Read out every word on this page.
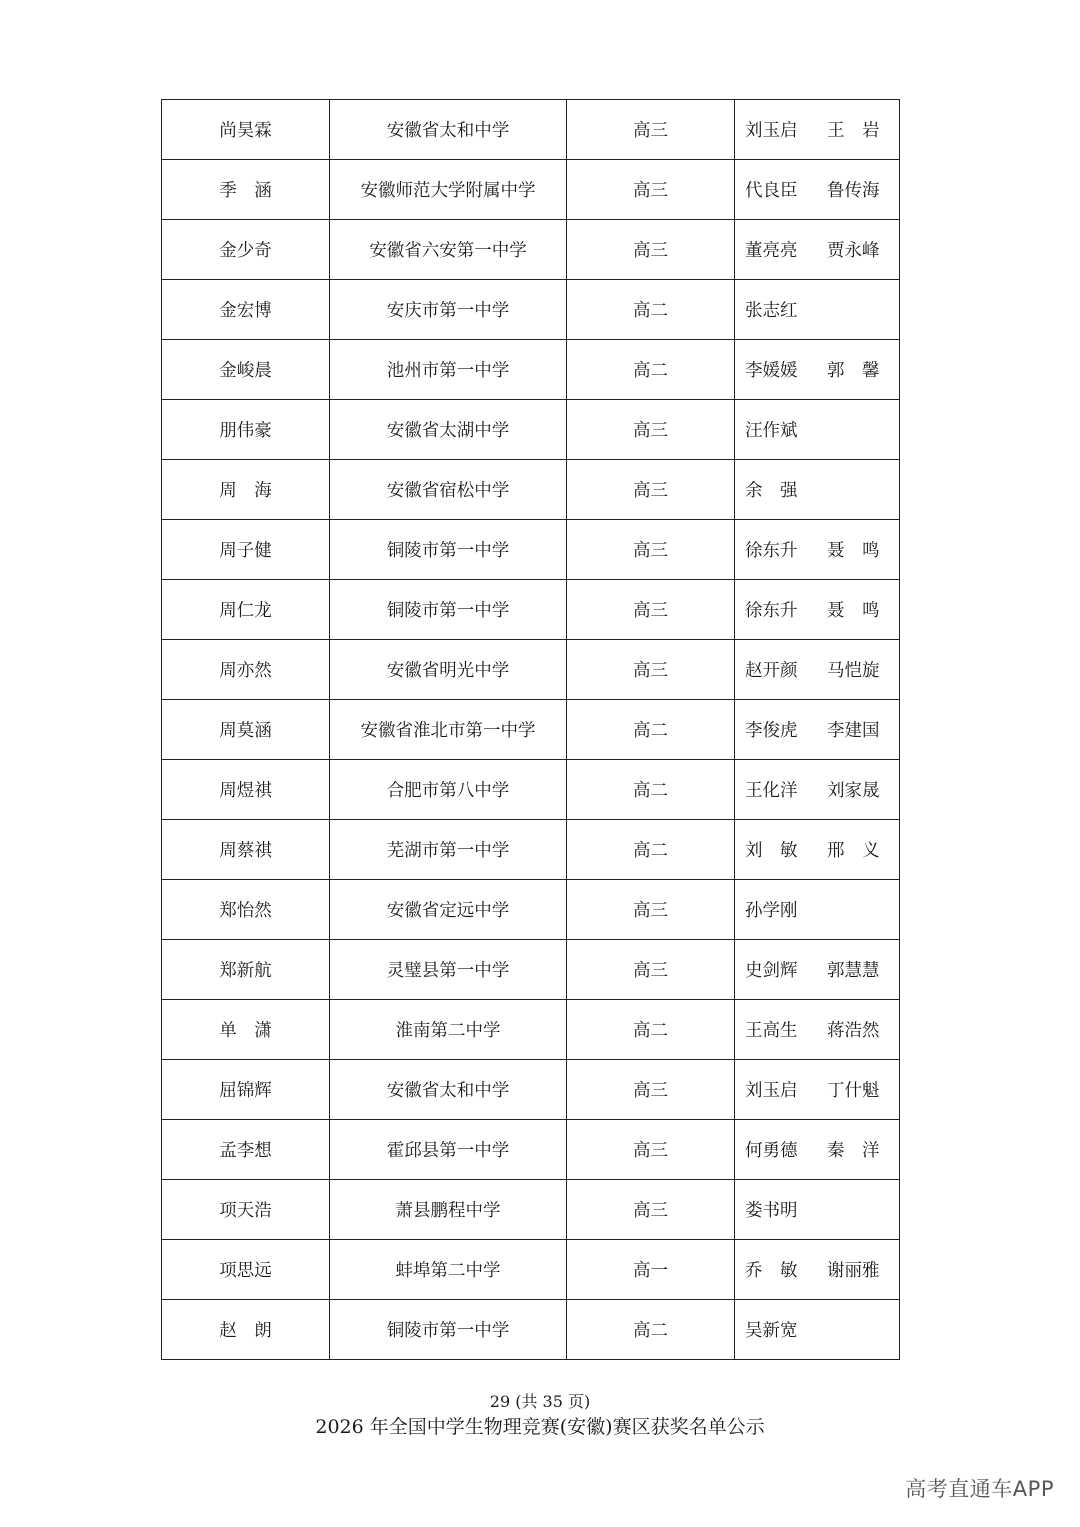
尚昊霖	安徽省太和中学	高三	刘玉启 王　岩
季　涵	安徽师范大学附属中学	高三	代良臣 鲁传海
金少奇	安徽省六安第一中学	高三	董亮亮 贾永峰
金宏博	安庆市第一中学	高二	张志红
金峻晨	池州市第一中学	高二	李媛媛 郭　馨
朋伟豪	安徽省太湖中学	高三	汪作斌
周　海	安徽省宿松中学	高三	余　强
周子健	铜陵市第一中学	高三	徐东升 聂　鸣
周仁龙	铜陵市第一中学	高三	徐东升 聂　鸣
周亦然	安徽省明光中学	高三	赵开颜 马恺旋
周莫涵	安徽省淮北市第一中学	高二	李俊虎 李建国
周煜祺	合肥市第八中学	高二	王化洋 刘家晟
周蔡祺	芜湖市第一中学	高二	刘　敏 邢　义
郑怡然	安徽省定远中学	高三	孙学刚
郑新航	灵璧县第一中学	高三	史剑辉 郭慧慧
单　潇	淮南第二中学	高二	王高生 蒋浩然
屈锦辉	安徽省太和中学	高三	刘玉启 丁什魁
孟李想	霍邱县第一中学	高三	何勇德 秦　洋
项天浩	萧县鹏程中学	高三	娄书明
项思远	蚌埠第二中学	高一	乔　敏 谢丽雅
赵　朗	铜陵市第一中学	高二	吴新宽
29 (共 35 页)
2026 年全国中学生物理竞赛(安徽)赛区获奖名单公示
高考直通车APP
